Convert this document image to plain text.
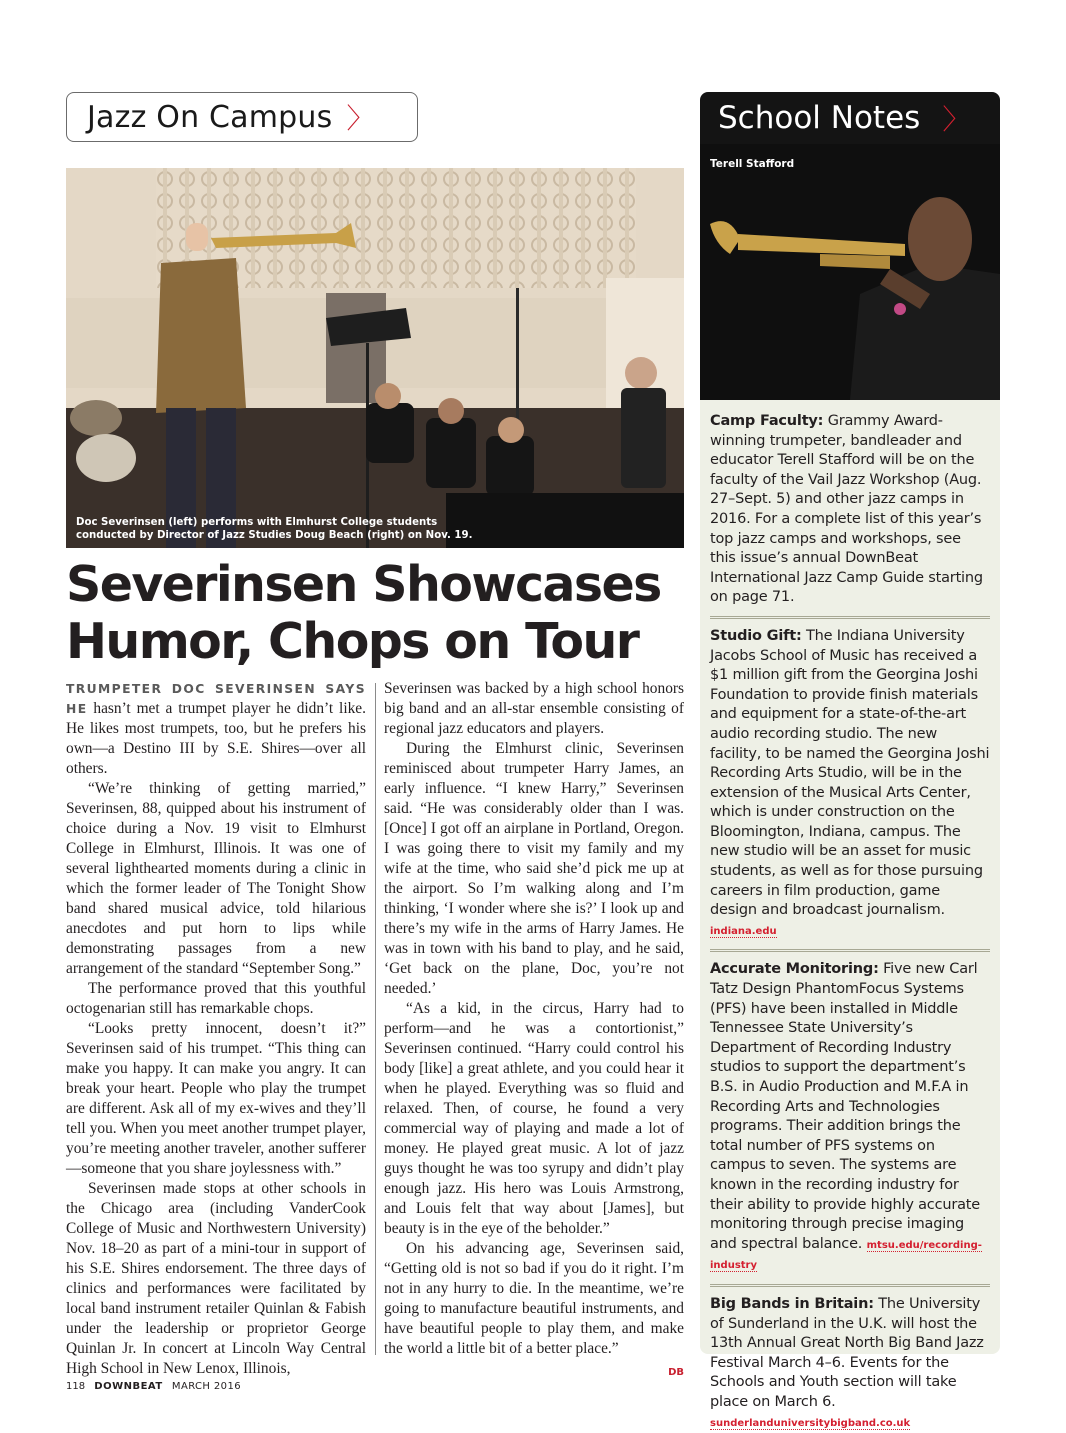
Jazz On Campus 〉
Doc Severinsen (left) performs with Elmhurst College students
conducted by Director of Jazz Studies Doug Beach (right) on Nov. 19.
FRANK ALKYER
Severinsen Showcases
Humor, Chops on Tour

TRUMPETER DOC SEVERINSEN SAYS HE hasn’t met a trumpet player he didn’t like. He likes most trumpets, too, but he prefers his own—a Destino III by S.E. Shires—over all others.

“We’re thinking of getting married,” Severinsen, 88, quipped about his instrument of choice during a Nov. 19 visit to Elmhurst College in Elmhurst, Illinois. It was one of several lighthearted moments during a clinic in which the former leader of The Tonight Show band shared musical advice, told hilarious anecdotes and put horn to lips while demonstrating passages from a new arrangement of the standard “September Song.”

The performance proved that this youthful octogenarian still has remarkable chops.

“Looks pretty innocent, doesn’t it?” Severinsen said of his trumpet. “This thing can make you happy. It can make you angry. It can break your heart. People who play the trumpet are different. Ask all of my ex-wives and they’ll tell you. When you meet another trumpet player, you’re meeting another traveler, another sufferer—someone that you share joylessness with.”

Severinsen made stops at other schools in the Chicago area (including VanderCook College of Music and Northwestern University) Nov. 18–20 as part of a mini-tour in support of his S.E. Shires endorsement. The three days of clinics and performances were facilitated by local band instrument retailer Quinlan & Fabish under the leadership or proprietor George Quinlan Jr. In concert at Lincoln Way Central High School in New Lenox, Illinois,

Severinsen was backed by a high school honors big band and an all-star ensemble consisting of regional jazz educators and players.

During the Elmhurst clinic, Severinsen reminisced about trumpeter Harry James, an early influence. “I knew Harry,” Severinsen said. “He was considerably older than I was. [Once] I got off an airplane in Portland, Oregon. I was going there to visit my family and my wife at the time, who said she’d pick me up at the airport. So I’m walking along and I’m thinking, ‘I wonder where she is?’ I look up and there’s my wife in the arms of Harry James. He was in town with his band to play, and he said, ‘Get back on the plane, Doc, you’re not needed.’

“As a kid, in the circus, Harry had to perform—and he was a contortionist,” Severinsen continued. “Harry could control his body [like] a great athlete, and you could hear it when he played. Everything was so fluid and relaxed. Then, of course, he found a very commercial way of playing and made a lot of money. He played great music. A lot of jazz guys thought he was too syrupy and didn’t play enough jazz. His hero was Louis Armstrong, and Louis felt that way about [James], but beauty is in the eye of the beholder.”

On his advancing age, Severinsen said, “Getting old is not so bad if you do it right. I’m not in any hurry to die. In the meantime, we’re going to manufacture beautiful instruments, and have beautiful people to play them, and make the world a little bit of a better place.”

DB
School Notes 〉
Terell Stafford
Camp Faculty: Grammy Award-winning trumpeter, bandleader and educator Terell Stafford will be on the faculty of the Vail Jazz Workshop (Aug. 27–Sept. 5) and other jazz camps in 2016. For a complete list of this year’s top jazz camps and workshops, see this issue’s annual DownBeat International Jazz Camp Guide starting on page 71.
Studio Gift: The Indiana University Jacobs School of Music has received a $1 million gift from the Georgina Joshi Foundation to provide finish materials and equipment for a state-of-the-art audio recording studio. The new facility, to be named the Georgina Joshi Recording Arts Studio, will be in the extension of the Musical Arts Center, which is under construction on the Bloomington, Indiana, campus. The new studio will be an asset for music students, as well as for those pursuing careers in film production, game design and broadcast journalism. indiana.edu
Accurate Monitoring: Five new Carl Tatz Design PhantomFocus Systems (PFS) have been installed in Middle Tennessee State University’s Department of Recording Industry studios to support the department’s B.S. in Audio Production and M.F.A in Recording Arts and Technologies programs. Their addition brings the total number of PFS systems on campus to seven. The systems are known in the recording industry for their ability to provide highly accurate monitoring through precise imaging and spectral balance. mtsu.edu/recording-industry
Big Bands in Britain: The University of Sunderland in the U.K. will host the 13th Annual Great North Big Band Jazz Festival March 4–6. Events for the Schools and Youth section will take place on March 6. sunderlanduniversitybigband.co.uk
118 DOWNBEAT MARCH 2016
